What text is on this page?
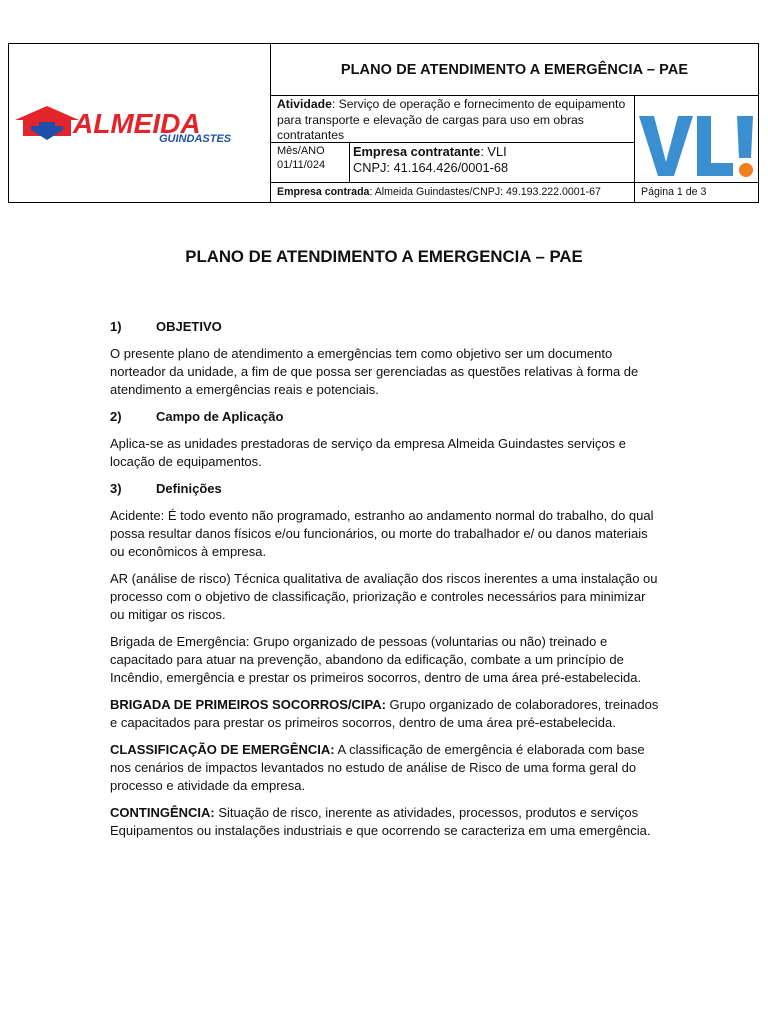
ALMEIDA
GUINDASTES
PLANO DE ATENDIMENTO A EMERGÊNCIA – PAE
Atividade: Serviço de operação e fornecimento de equipamento para transporte e elevação de cargas para uso em obras contratantes
Mês/ANO
01/11/024
Empresa contratante: VLI
CNPJ: 41.164.426/0001-68
Empresa contrada: Almeida Guindastes/CNPJ: 49.193.222.0001-67	Página 1 de 3
PLANO DE ATENDIMENTO A EMERGENCIA – PAE
1)	OBJETIVO
O presente plano de atendimento a emergências tem como objetivo ser um documento norteador da unidade, a fim de que possa ser gerenciadas as questões relativas à forma de atendimento a emergências reais e potenciais.
2)	Campo de Aplicação
Aplica-se as unidades prestadoras de serviço da empresa Almeida Guindastes serviços e locação de equipamentos.
3)	Definições
Acidente: É todo evento não programado, estranho ao andamento normal do trabalho, do qual possa resultar danos físicos e/ou funcionários, ou morte do trabalhador e/ ou danos materiais ou econômicos à empresa.
AR (análise de risco) Técnica qualitativa de avaliação dos riscos inerentes a uma instalação ou processo com o objetivo de classificação, priorização e controles necessários para minimizar ou mitigar os riscos.
Brigada de Emergência: Grupo organizado de pessoas (voluntarias ou não) treinado e capacitado para atuar na prevenção, abandono da edificação, combate a um princípio de Incêndio, emergência e prestar os primeiros socorros, dentro de uma área pré-estabelecida.
BRIGADA DE PRIMEIROS SOCORROS/CIPA: Grupo organizado de colaboradores, treinados e capacitados para prestar os primeiros socorros, dentro de uma área pré-estabelecida.
CLASSIFICAÇÃO DE EMERGÊNCIA: A classificação de emergência é elaborada com base nos cenários de impactos levantados no estudo de análise de Risco de uma forma geral do processo e atividade da empresa.
CONTINGÊNCIA: Situação de risco, inerente as atividades, processos, produtos e serviços Equipamentos ou instalações industriais e que ocorrendo se caracteriza em uma emergência.
